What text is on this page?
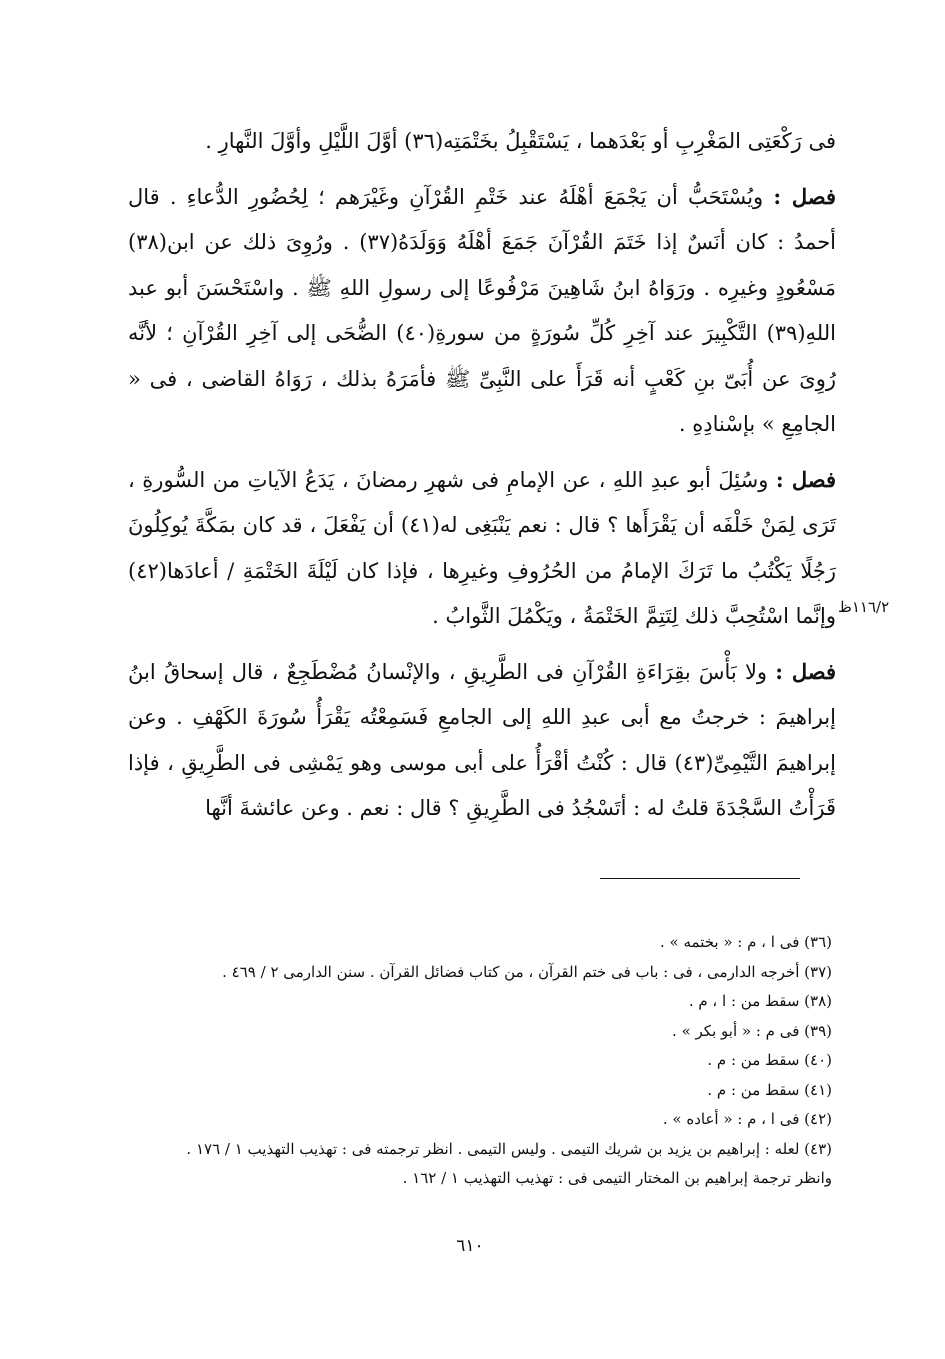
فى رَكْعَتِى المَغْرِبِ أو بَعْدَهما ، يَسْتَقْبِلُ بخَتْمَتِه(٣٦) أوَّلَ اللَّيْلِ وأوَّلَ النَّهارِ .

فصل : ويُسْتَحَبُّ أن يَجْمَعَ أهْلَهُ عند خَتْمِ القُرْآنِ وغَيْرَهم ؛ لِحُضُورِ الدُّعاءِ . قال أحمدُ : كان أنَسٌ إذا خَتَمَ القُرْآنَ جَمَعَ أهْلَهُ وَوَلَدَهُ(٣٧) . ورُوِىَ ذلك عن ابن(٣٨) مَسْعُودٍ وغيرِه . ورَوَاهُ ابنُ شَاهِينَ مَرْفُوعًا إلى رسولِ اللهِ ﷺ . واسْتَحْسَنَ أبو عبد اللهِ(٣٩) التَّكْبِيرَ عند آخِرِ كُلِّ سُورَةٍ من سورةِ(٤٠) الضُّحَى إلى آخِرِ القُرْآنِ ؛ لأنَّه رُوِىَ عن أُبَىّ بنِ كَعْبٍ أنه قَرَأَ على النَّبِىِّ ﷺ فأمَرَهُ بذلك ، رَوَاهُ القاضى ، فى « الجامِعِ » بإسْنادِهِ .

فصل : وسُئِلَ أبو عبدِ اللهِ ، عن الإمامِ فى شهرِ رمضانَ ، يَدَعُ الآياتِ من السُّورةِ ، تَرَى لِمَنْ خَلْفَه أن يَقْرَأَها ؟ قال : نعم يَنْبَغِى له(٤١) أن يَفْعَلَ ، قد كان بمَكَّةَ يُوكِلُونَ رَجُلًا يَكْتُبُ ما تَرَكَ الإمامُ من الحُرُوفِ وغيرِها ، فإذا كان لَيْلَةَ الخَتْمَةِ / أعادَها(٤٢) وإنَّما اسْتُحِبَّ ذلك لِتَتِمَّ الخَتْمَةُ ، ويَكْمُلَ الثَّوابُ .

فصل : ولا بَأْسَ بقِرَاءَةِ القُرْآنِ فى الطَّرِيقِ ، والإنْسانُ مُضْطَجِعٌ ، قال إسحاقُ ابنُ إبراهيمَ : خرجتُ مع أبى عبدِ اللهِ إلى الجامعِ فَسَمِعْتُه يَقْرَأُ سُورَةَ الكَهْفِ . وعن إبراهيمَ التَّيْمِىِّ(٤٣) قال : كُنْتُ أقْرَأُ على أبى موسى وهو يَمْشِى فى الطَّرِيقِ ، فإذا قَرَأْتُ السَّجْدَةَ قلتُ له : أتَسْجُدُ فى الطَّرِيقِ ؟ قال : نعم . وعن عائشةَ أنَّها

١١٦/٢ظ
(٣٦) فى ا ، م : « بختمه » .
(٣٧) أخرجه الدارمى ، فى : باب فى ختم القرآن ، من كتاب فضائل القرآن . سنن الدارمى ٢ / ٤٦٩ .
(٣٨) سقط من : ا ، م .
(٣٩) فى م : « أبو بكر » .
(٤٠) سقط من : م .
(٤١) سقط من : م .
(٤٢) فى ا ، م : « أعاده » .
(٤٣) لعله : إبراهيم بن يزيد بن شريك التيمى . وليس التيمى . انظر ترجمته فى : تهذيب التهذيب ١ / ١٧٦ .
وانظر ترجمة إبراهيم بن المختار التيمى فى : تهذيب التهذيب ١ / ١٦٢ .
٦١٠
